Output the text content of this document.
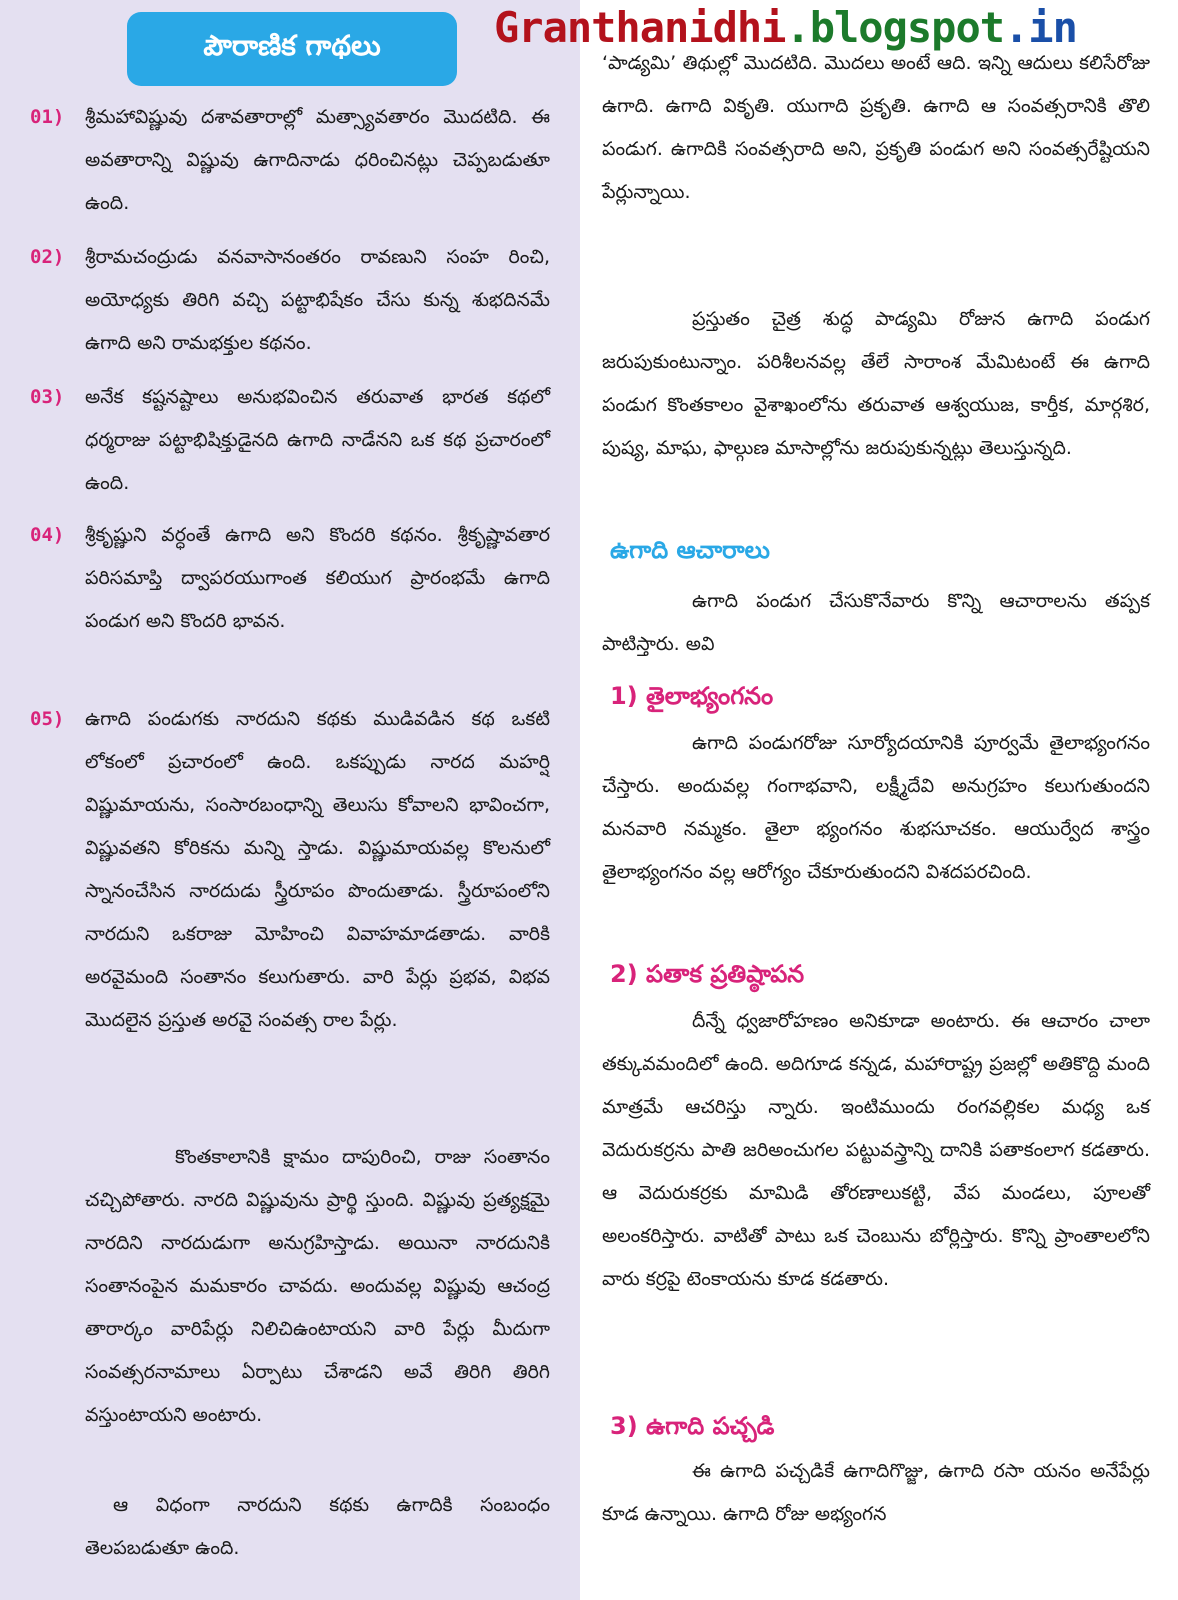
పౌరాణిక గాథలు	Granthanidhi.blogspot.in
01) శ్రీమహావిష్ణువు దశావతారాల్లో మత్స్యావతారం మొదటిది. ఈ అవతారాన్ని విష్ణువు ఉగాదినాడు ధరించినట్లు చెప్పబడుతూ ఉంది.
02) శ్రీరామచంద్రుడు వనవాసానంతరం రావణుని సంహ రించి, అయోధ్యకు తిరిగి వచ్చి పట్టాభిషేకం చేసు కున్న శుభదినమే ఉగాది అని రామభక్తుల కథనం.
03) అనేక కష్టనష్టాలు అనుభవించిన తరువాత భారత కథలో ధర్మరాజు పట్టాభిషిక్తుడైనది ఉగాది నాడేనని ఒక కథ ప్రచారంలో ఉంది.
04) శ్రీకృష్ణుని వర్ధంతే ఉగాది అని కొందరి కథనం. శ్రీకృష్ణావతార పరిసమాప్తి ద్వాపరయుగాంత కలియుగ ప్రారంభమే ఉగాది పండుగ అని కొందరి భావన.
05) ఉగాది పండుగకు నారదుని కథకు ముడివడిన కథ ఒకటి లోకంలో ప్రచారంలో ఉంది. ఒకప్పుడు నారద మహర్షి విష్ణుమాయను, సంసారబంధాన్ని తెలుసు కోవాలని భావించగా, విష్ణువతని కోరికను మన్ని స్తాడు. విష్ణుమాయవల్ల కొలనులో స్నానంచేసిన నారదుడు స్త్రీరూపం పొందుతాడు. స్త్రీరూపంలోని నారదుని ఒకరాజు మోహించి వివాహమాడతాడు. వారికి అరవైమంది సంతానం కలుగుతారు. వారి పేర్లు ప్రభవ, విభవ మొదలైన ప్రస్తుత అరవై సంవత్స రాల పేర్లు.
కొంతకాలానికి క్షామం దాపురించి, రాజు సంతానం చచ్చిపోతారు. నారది విష్ణువును ప్రార్థి స్తుంది. విష్ణువు ప్రత్యక్షమై నారదిని నారదుడుగా అనుగ్రహిస్తాడు. అయినా నారదునికి సంతానంపైన మమకారం చావదు. అందువల్ల విష్ణువు ఆచంద్ర తారార్కం వారిపేర్లు నిలిచిఉంటాయని వారి పేర్లు మీదుగా సంవత్సరనామాలు ఏర్పాటు చేశాడని అవే తిరిగి తిరిగి వస్తుంటాయని అంటారు.
ఆ విధంగా నారదుని కథకు ఉగాదికి సంబంధం తెలపబడుతూ ఉంది.
‘పాడ్యమి’ తిథుల్లో మొదటిది. మొదలు అంటే ఆది. ఇన్ని ఆదులు కలిసేరోజు ఉగాది. ఉగాది వికృతి. యుగాది ప్రకృతి. ఉగాది ఆ సంవత్సరానికి తొలి పండుగ. ఉగాదికి సంవత్సరాది అని, ప్రకృతి పండుగ అని సంవత్సరేష్టియని పేర్లున్నాయి.
ప్రస్తుతం చైత్ర శుద్ధ పాడ్యమి రోజున ఉగాది పండుగ జరుపుకుంటున్నాం. పరిశీలనవల్ల తేలే సారాంశ మేమిటంటే ఈ ఉగాది పండుగ కొంతకాలం వైశాఖంలోను తరువాత ఆశ్వయుజ, కార్తీక, మార్గశిర, పుష్య, మాఘ, ఫాల్గుణ మాసాల్లోను జరుపుకున్నట్లు తెలుస్తున్నది.
ఉగాది ఆచారాలు
ఉగాది పండుగ చేసుకొనేవారు కొన్ని ఆచారాలను తప్పక పాటిస్తారు. అవి
1) తైలాభ్యంగనం
ఉగాది పండుగరోజు సూర్యోదయానికి పూర్వమే తైలాభ్యంగనం చేస్తారు. అందువల్ల గంగాభవాని, లక్ష్మీదేవి అనుగ్రహం కలుగుతుందని మనవారి నమ్మకం. తైలా భ్యంగనం శుభసూచకం. ఆయుర్వేద శాస్త్రం తైలాభ్యంగనం వల్ల ఆరోగ్యం చేకూరుతుందని విశదపరచింది.
2) పతాక ప్రతిష్ఠాపన
దీన్నే ధ్వజారోహణం అనికూడా అంటారు. ఈ ఆచారం చాలా తక్కువమందిలో ఉంది. అదిగూడ కన్నడ, మహారాష్ట్ర ప్రజల్లో అతికొద్ది మంది మాత్రమే ఆచరిస్తు న్నారు. ఇంటిముందు రంగవల్లికల మధ్య ఒక వెదురుకర్రను పాతి జరిఅంచుగల పట్టువస్త్రాన్ని దానికి పతాకంలాగ కడతారు. ఆ వెదురుకర్రకు మామిడి తోరణాలుకట్టి, వేప మండలు, పూలతో అలంకరిస్తారు. వాటితో పాటు ఒక చెంబును బోర్లిస్తారు. కొన్ని ప్రాంతాలలోని వారు కర్రపై టెంకాయను కూడ కడతారు.
3) ఉగాది పచ్చడి
ఈ ఉగాది పచ్చడికే ఉగాదిగొజ్జు, ఉగాది రసా యనం అనేపేర్లు కూడ ఉన్నాయి. ఉగాది రోజు అభ్యంగన
